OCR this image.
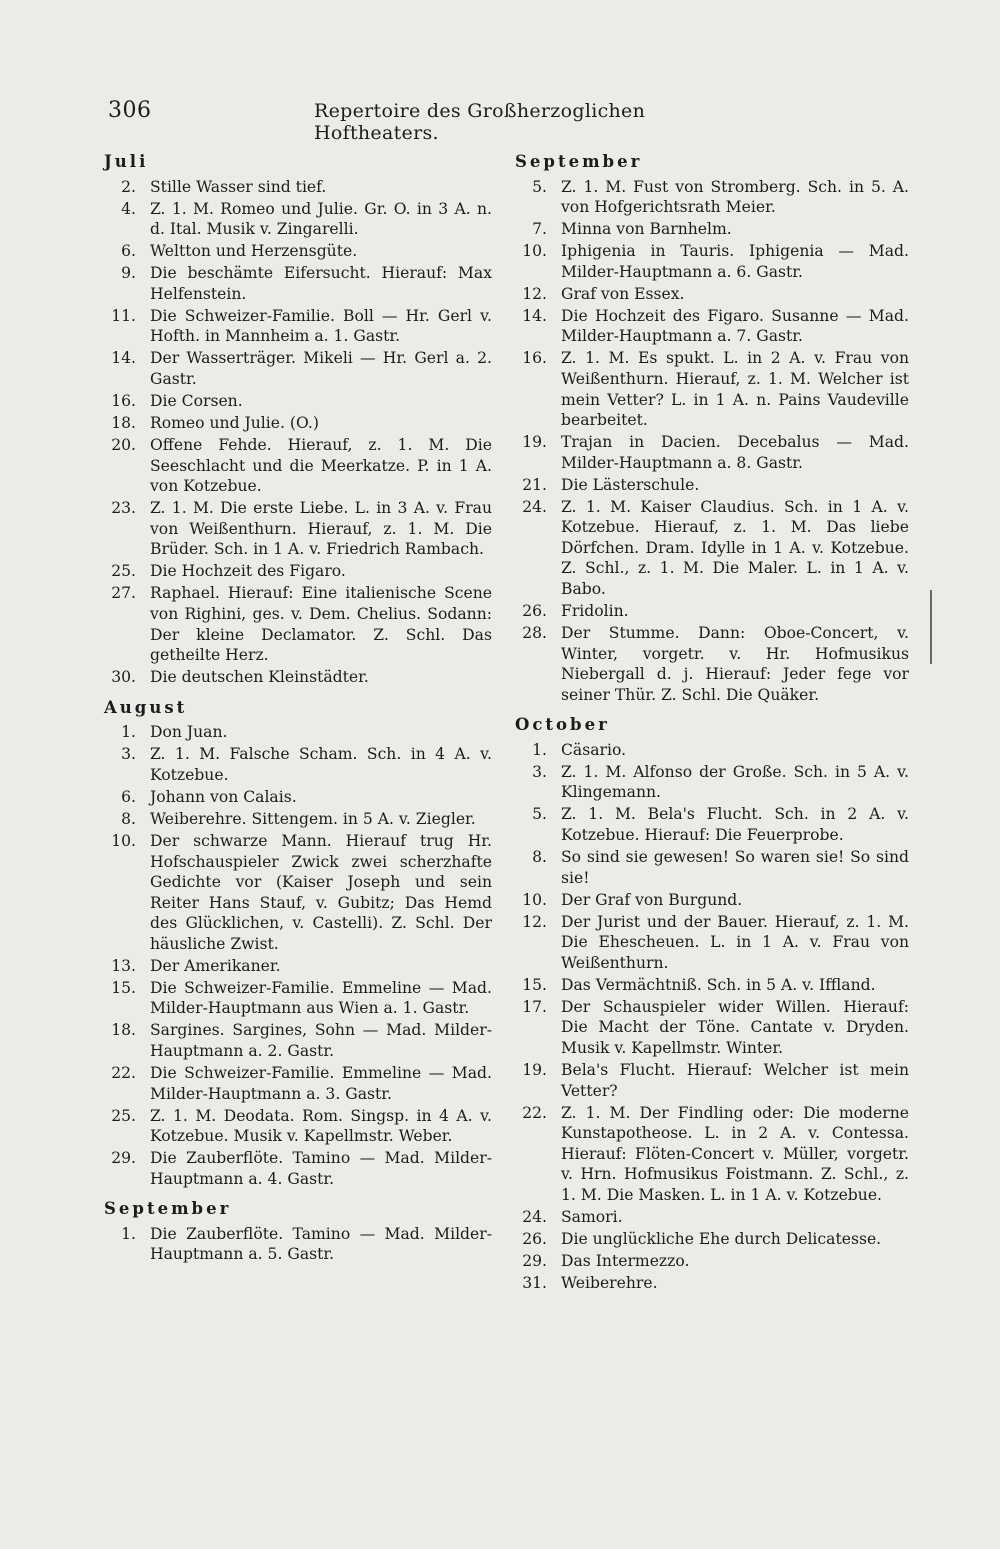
306	Repertoire des Großherzoglichen Hoftheaters.
Juli
2. Stille Wasser sind tief.
4. Z. 1. M. Romeo und Julie. Gr. O. in 3 A. n. d. Ital. Musik v. Zingarelli.
6. Weltton und Herzensgüte.
9. Die beschämte Eifersucht. Hierauf: Max Helfenstein.
11. Die Schweizer-Familie. Boll — Hr. Gerl v. Hofth. in Mannheim a. 1. Gastr.
14. Der Wasserträger. Mikeli — Hr. Gerl a. 2. Gastr.
16. Die Corsen.
18. Romeo und Julie. (O.)
20. Offene Fehde. Hierauf, z. 1. M. Die Seeschlacht und die Meerkatze. P. in 1 A. von Kotzebue.
23. Z. 1. M. Die erste Liebe. L. in 3 A. v. Frau von Weißenthurn. Hierauf, z. 1. M. Die Brüder. Sch. in 1 A. v. Friedrich Rambach.
25. Die Hochzeit des Figaro.
27. Raphael. Hierauf: Eine italienische Scene von Righini, ges. v. Dem. Chelius. Sodann: Der kleine Declamator. Z. Schl. Das getheilte Herz.
30. Die deutschen Kleinstädter.
August
1. Don Juan.
3. Z. 1. M. Falsche Scham. Sch. in 4 A. v. Kotzebue.
6. Johann von Calais.
8. Weiberehre. Sittengem. in 5 A. v. Ziegler.
10. Der schwarze Mann. Hierauf trug Hr. Hofschauspieler Zwick zwei scherzhafte Gedichte vor (Kaiser Joseph und sein Reiter Hans Stauf, v. Gubitz; Das Hemd des Glücklichen, v. Castelli). Z. Schl. Der häusliche Zwist.
13. Der Amerikaner.
15. Die Schweizer-Familie. Emmeline — Mad. Milder-Hauptmann aus Wien a. 1. Gastr.
18. Sargines. Sargines, Sohn — Mad. Milder-Hauptmann a. 2. Gastr.
22. Die Schweizer-Familie. Emmeline — Mad. Milder-Hauptmann a. 3. Gastr.
25. Z. 1. M. Deodata. Rom. Singsp. in 4 A. v. Kotzebue. Musik v. Kapellmstr. Weber.
29. Die Zauberflöte. Tamino — Mad. Milder-Hauptmann a. 4. Gastr.
September
1. Die Zauberflöte. Tamino — Mad. Milder-Hauptmann a. 5. Gastr.
September
5. Z. 1. M. Fust von Stromberg. Sch. in 5. A. von Hofgerichtsrath Meier.
7. Minna von Barnhelm.
10. Iphigenia in Tauris. Iphigenia — Mad. Milder-Hauptmann a. 6. Gastr.
12. Graf von Essex.
14. Die Hochzeit des Figaro. Susanne — Mad. Milder-Hauptmann a. 7. Gastr.
16. Z. 1. M. Es spukt. L. in 2 A. v. Frau von Weißenthurn. Hierauf, z. 1. M. Welcher ist mein Vetter? L. in 1 A. n. Pains Vaudeville bearbeitet.
19. Trajan in Dacien. Decebalus — Mad. Milder-Hauptmann a. 8. Gastr.
21. Die Lästerschule.
24. Z. 1. M. Kaiser Claudius. Sch. in 1 A. v. Kotzebue. Hierauf, z. 1. M. Das liebe Dörfchen. Dram. Idylle in 1 A. v. Kotzebue. Z. Schl., z. 1. M. Die Maler. L. in 1 A. v. Babo.
26. Fridolin.
28. Der Stumme. Dann: Oboe-Concert, v. Winter, vorgetr. v. Hr. Hofmusikus Niebergall d. j. Hierauf: Jeder fege vor seiner Thür. Z. Schl. Die Quäker.
October
1. Cäsario.
3. Z. 1. M. Alfonso der Große. Sch. in 5 A. v. Klingemann.
5. Z. 1. M. Bela's Flucht. Sch. in 2 A. v. Kotzebue. Hierauf: Die Feuerprobe.
8. So sind sie gewesen! So waren sie! So sind sie!
10. Der Graf von Burgund.
12. Der Jurist und der Bauer. Hierauf, z. 1. M. Die Ehescheuen. L. in 1 A. v. Frau von Weißenthurn.
15. Das Vermächtniß. Sch. in 5 A. v. Iffland.
17. Der Schauspieler wider Willen. Hierauf: Die Macht der Töne. Cantate v. Dryden. Musik v. Kapellmstr. Winter.
19. Bela's Flucht. Hierauf: Welcher ist mein Vetter?
22. Z. 1. M. Der Findling oder: Die moderne Kunstapotheose. L. in 2 A. v. Contessa. Hierauf: Flöten-Concert v. Müller, vorgetr. v. Hrn. Hofmusikus Foistmann. Z. Schl., z. 1. M. Die Masken. L. in 1 A. v. Kotzebue.
24. Samori.
26. Die unglückliche Ehe durch Delicatesse.
29. Das Intermezzo.
31. Weiberehre.
